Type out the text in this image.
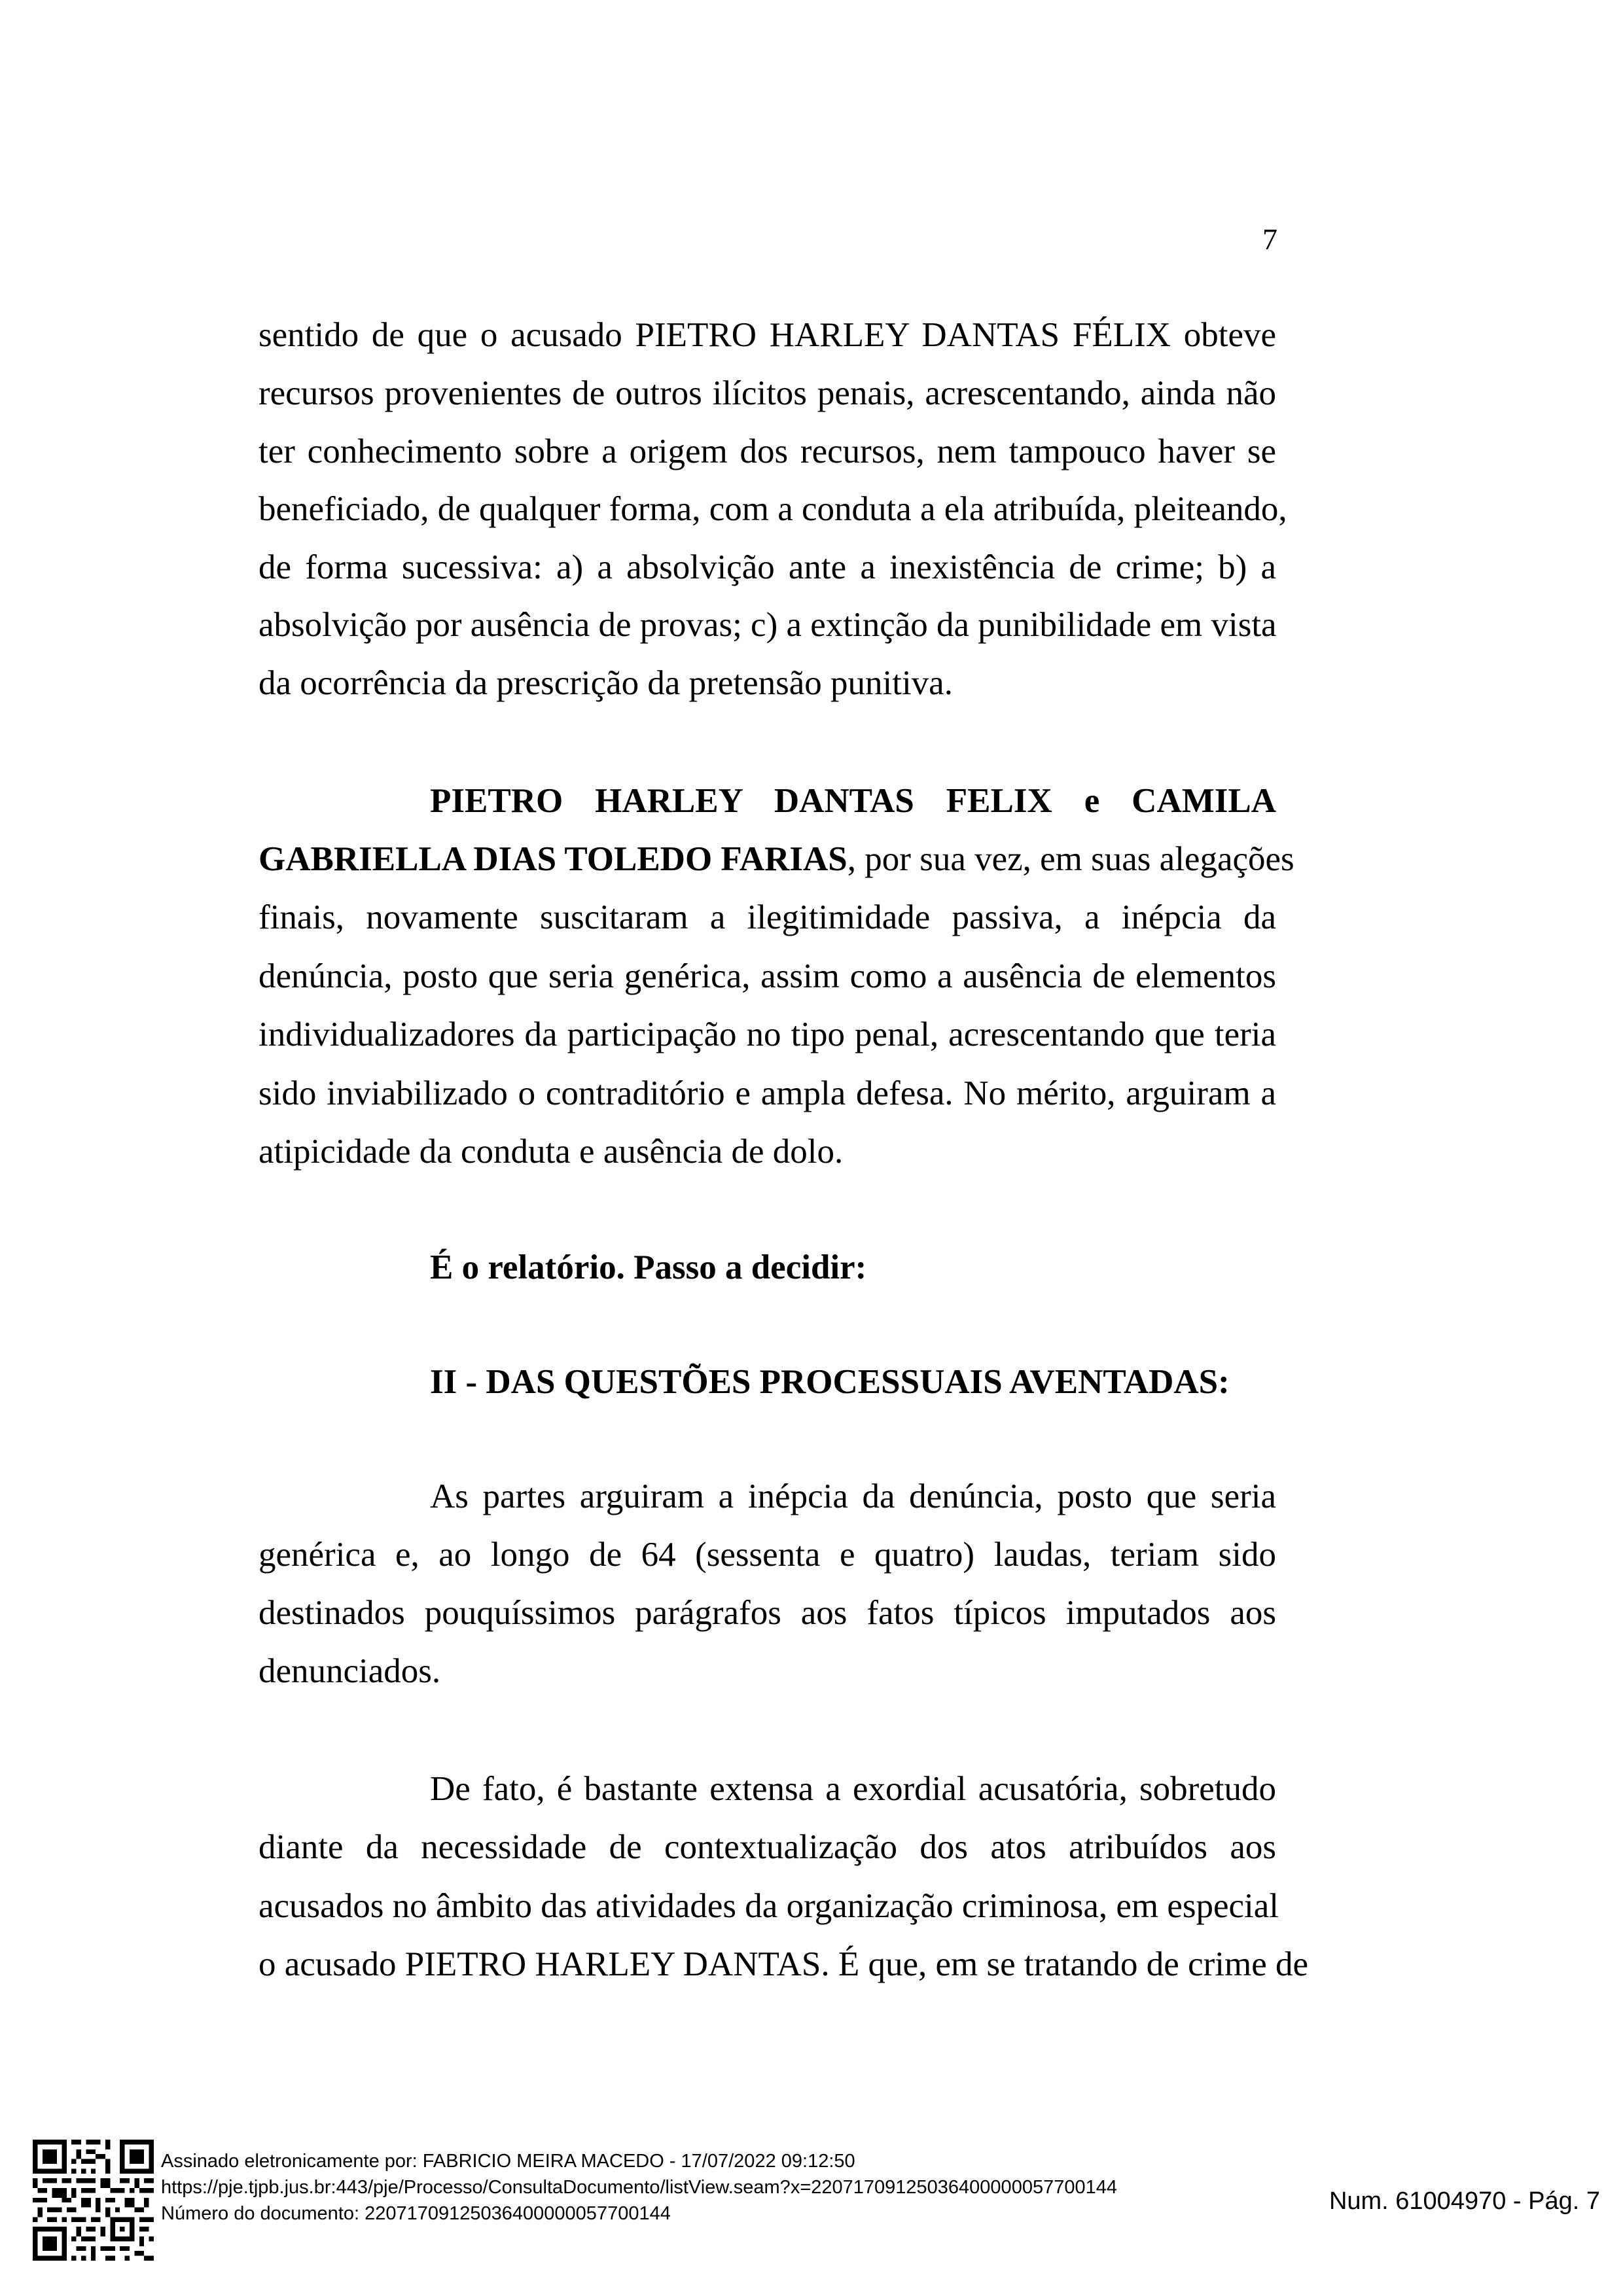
7
sentido de que o acusado PIETRO HARLEY DANTAS FÉLIX obteve
recursos provenientes de outros ilícitos penais, acrescentando, ainda não
ter conhecimento sobre a origem dos recursos, nem tampouco haver se
beneficiado, de qualquer forma, com a conduta a ela atribuída, pleiteando,
de forma sucessiva: a) a absolvição ante a inexistência de crime; b) a
absolvição por ausência de provas; c) a extinção da punibilidade em vista
da ocorrência da prescrição da pretensão punitiva.
PIETRO HARLEY DANTAS FELIX e CAMILA
GABRIELLA DIAS TOLEDO FARIAS, por sua vez, em suas alegações
finais, novamente suscitaram a ilegitimidade passiva, a inépcia da
denúncia, posto que seria genérica, assim como a ausência de elementos
individualizadores da participação no tipo penal, acrescentando que teria
sido inviabilizado o contraditório e ampla defesa. No mérito, arguiram a
atipicidade da conduta e ausência de dolo.
É o relatório. Passo a decidir:
II - DAS QUESTÕES PROCESSUAIS AVENTADAS:
As partes arguiram a inépcia da denúncia, posto que seria
genérica e, ao longo de 64 (sessenta e quatro) laudas, teriam sido
destinados pouquíssimos parágrafos aos fatos típicos imputados aos
denunciados.
De fato, é bastante extensa a exordial acusatória, sobretudo
diante da necessidade de contextualização dos atos atribuídos aos
acusados no âmbito das atividades da organização criminosa, em especial
o acusado PIETRO HARLEY DANTAS. É que, em se tratando de crime de
Assinado eletronicamente por: FABRICIO MEIRA MACEDO - 17/07/2022 09:12:50
https://pje.tjpb.jus.br:443/pje/Processo/ConsultaDocumento/listView.seam?x=22071709125036400000057700144
Número do documento: 22071709125036400000057700144	Num. 61004970 - Pág. 7
